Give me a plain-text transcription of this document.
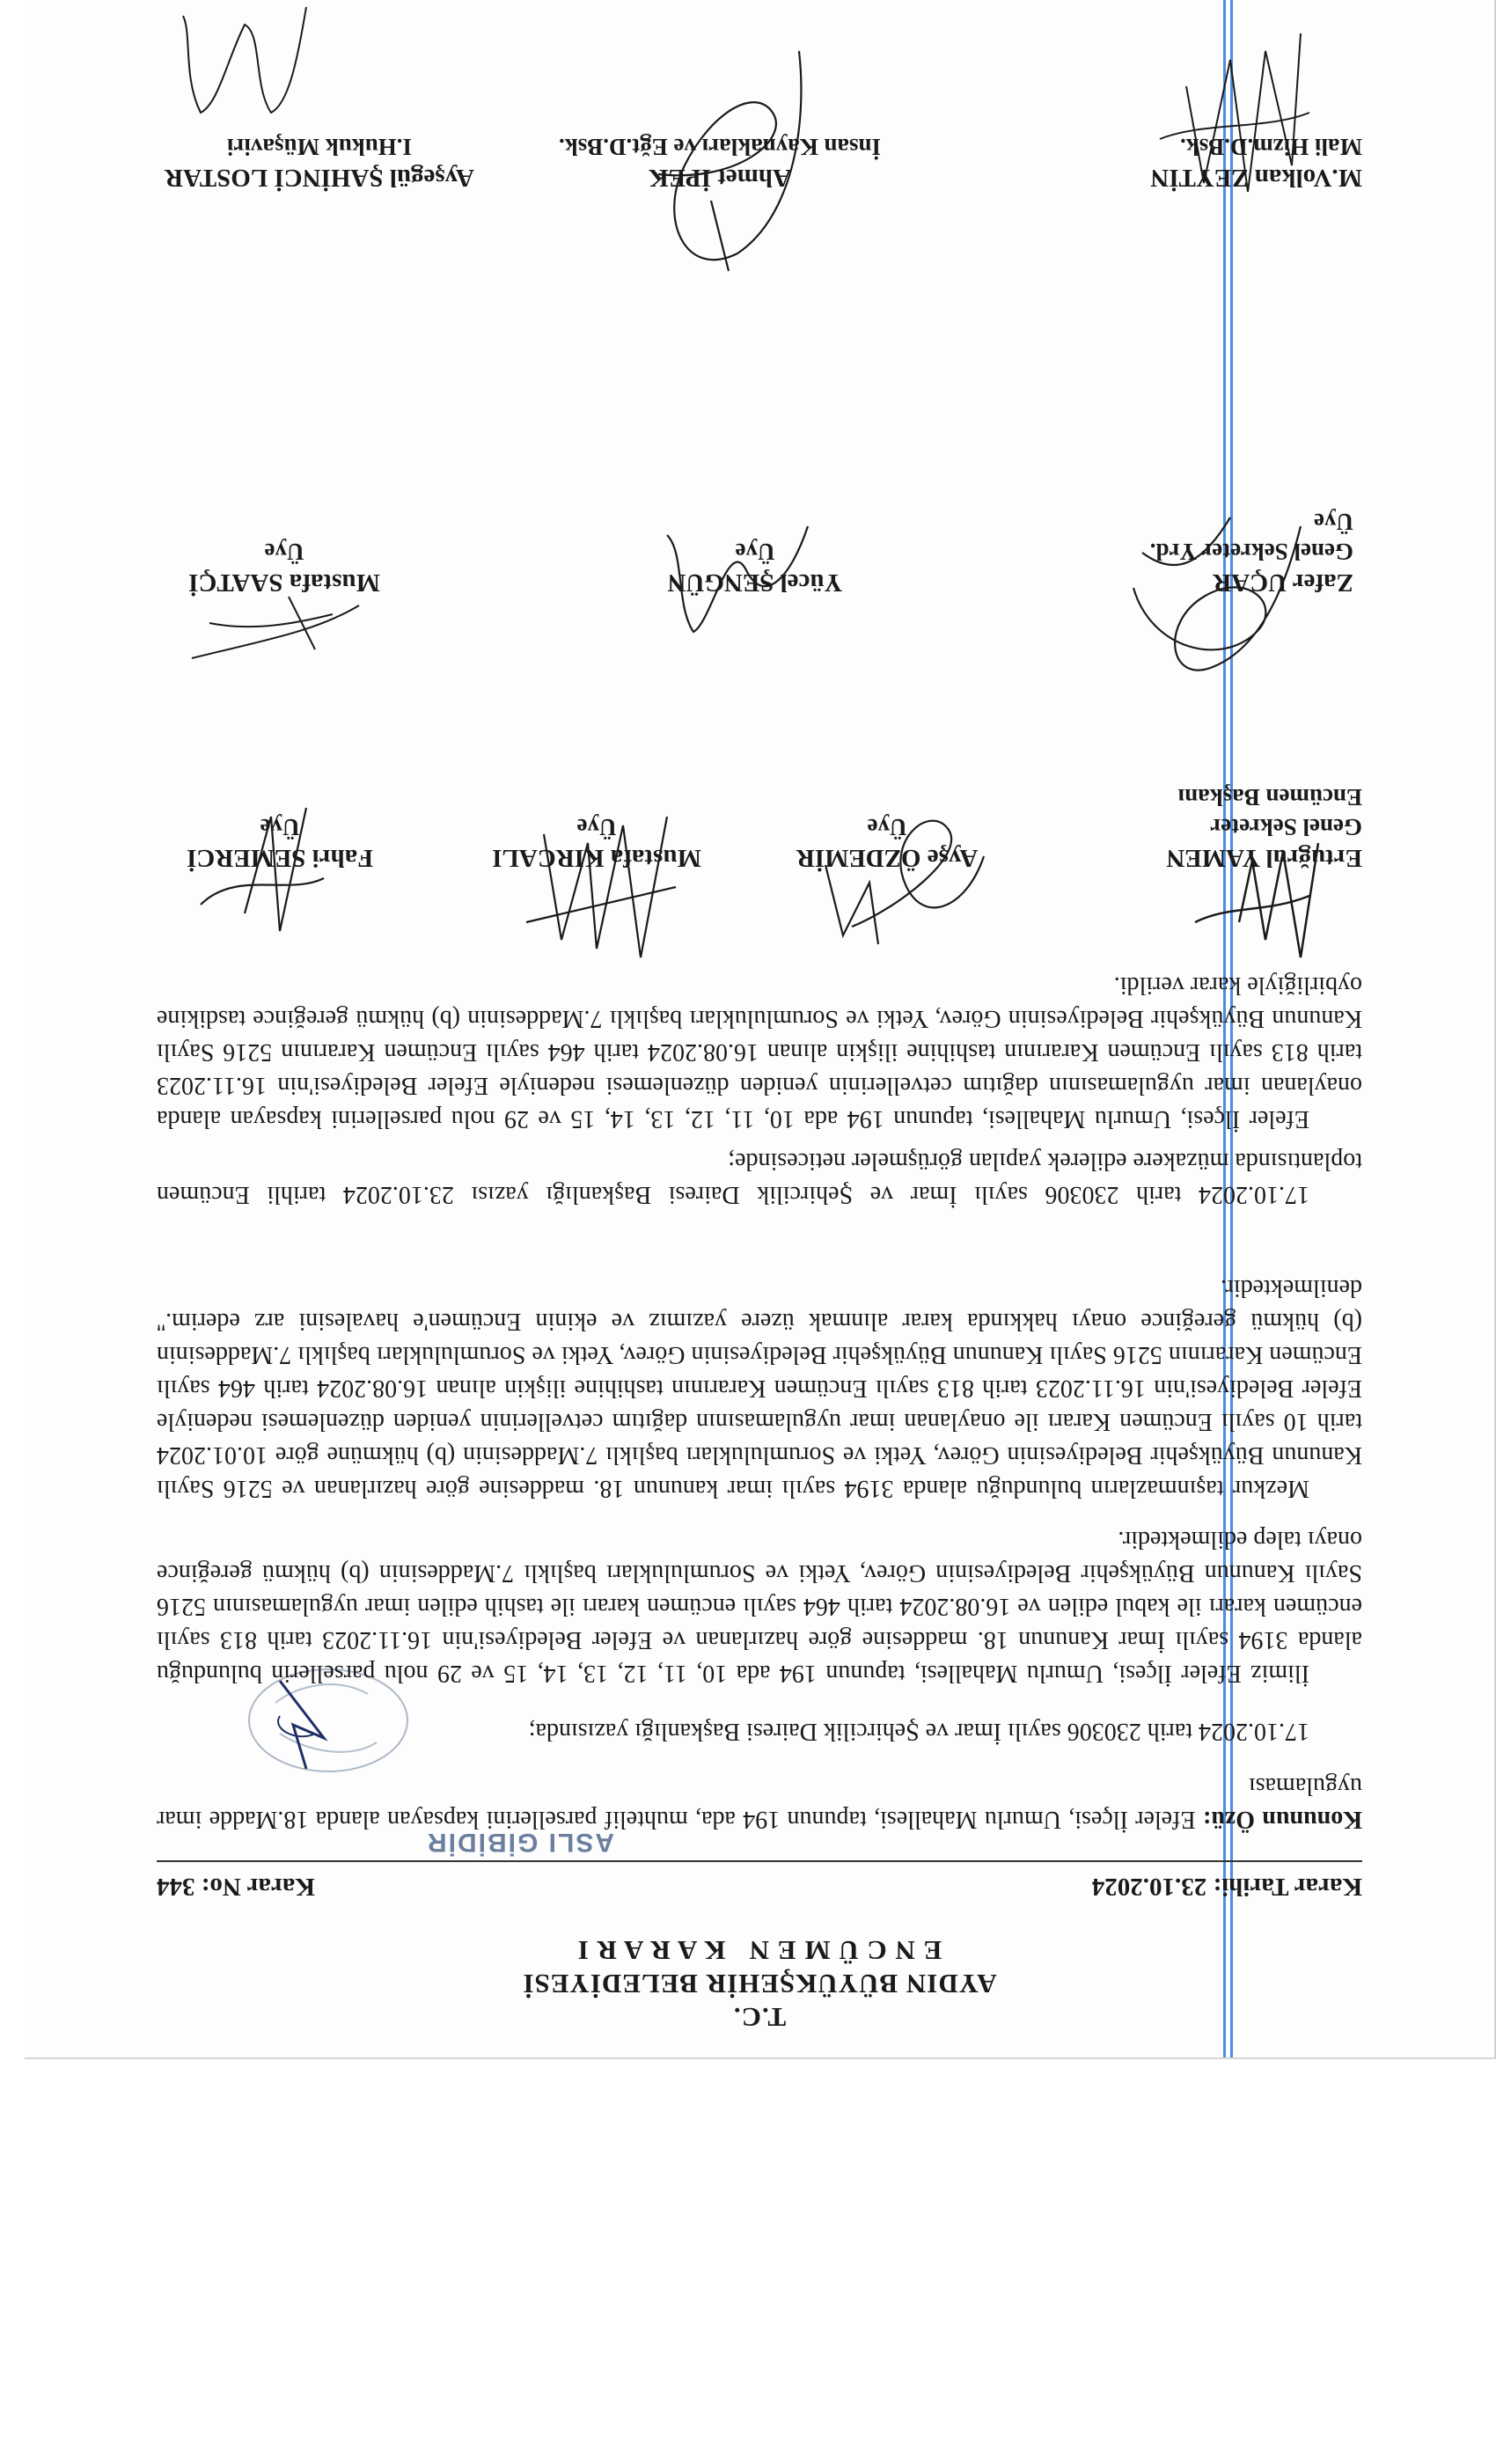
T.C.
AYDIN BÜYÜKŞEHİR BELEDİYESİ
E N C Ü M E N   K A R A R I
Karar Tarihi: 23.10.2024
Karar No: 344
ASLI GİBİDİR
Konunun Özü: Efeler İlçesi, Umurlu Mahallesi, tapunun 194 ada, muhtelif parsellerini kapsayan alanda 18.Madde imar uygulaması
17.10.2024 tarih 230306 sayılı İmar ve Şehircilik Dairesi Başkanlığı yazısında;
İlimiz Efeler İlçesi, Umurlu Mahallesi, tapunun 194 ada 10, 11, 12, 13, 14, 15 ve 29 nolu parsellerin bulunduğu alanda 3194 sayılı İmar Kanunun 18. maddesine göre hazırlanan ve Efeler Belediyesi'nin 16.11.2023 tarih 813 sayılı encümen kararı ile kabul edilen ve 16.08.2024 tarih 464 sayılı encümen kararı ile tashih edilen imar uygulamasının 5216 Sayılı Kanunun Büyükşehir Belediyesinin Görev, Yetki ve Sorumlulukları başlıklı 7.Maddesinin (b) hükmü gereğince onayı talep edilmektedir.
Mezkur taşınmazların bulunduğu alanda 3194 sayılı imar kanunun 18. maddesine göre hazırlanan ve 5216 Sayılı Kanunun Büyükşehir Belediyesinin Görev, Yetki ve Sorumlulukları başlıklı 7.Maddesinin (b) hükmüne göre 10.01.2024 tarih 10 sayılı Encümen Kararı ile onaylanan imar uygulamasının dağıtım cetvellerinin yeniden düzenlemesi nedeniyle Efeler Belediyesi'nin 16.11.2023 tarih 813 sayılı Encümen Kararının tashihine ilişkin alınan 16.08.2024 tarih 464 sayılı Encümen Kararının 5216 Sayılı Kanunun Büyükşehir Belediyesinin Görev, Yetki ve Sorumlulukları başlıklı 7.Maddesinin (b) hükmü gereğince onayı hakkında karar alınmak üzere yazımız ve ekinin Encümen'e havalesini arz ederim.'' denilmektedir.
17.10.2024 tarih 230306 sayılı İmar ve Şehircilik Dairesi Başkanlığı yazısı 23.10.2024 tarihli Encümen toplantısında müzakere edilerek yapılan görüşmeler neticesinde;
Efeler İlçesi, Umurlu Mahallesi, tapunun 194 ada 10, 11, 12, 13, 14, 15 ve 29 nolu parsellerini kapsayan alanda onaylanan imar uygulamasının dağıtım cetvellerinin yeniden düzenlemesi nedeniyle Efeler Belediyesi'nin 16.11.2023 tarih 813 sayılı Encümen Kararının tashihine ilişkin alınan 16.08.2024 tarih 464 sayılı Encümen Kararının 5216 Sayılı Kanunun Büyükşehir Belediyesinin Görev, Yetki ve Sorumlulukları başlıklı 7.Maddesinin (b) hükmü gereğince tasdikine oybirliğiyle karar verildi.
Ertuğrul YAMEN
Genel Sekreter
Encümen Başkanı
Ayşe ÖZDEMİR
Üye
Mustafa KIRCALI
Üye
Fahri SEMERCİ
Üye
Zafer UÇAR
Genel Sekreter Yrd.
Üye
Yücel ŞENGÜN
Üye
Mustafa SAATÇİ
Üye
M.Volkan ZEYTİN
Mali Hizm.D.Bsk.
Ahmet İPEK
İnsan Kaynakları ve Eğt.D.Bsk.
Ayşegül ŞAHİNCİ LOSTAR
I.Hukuk Müşaviri
